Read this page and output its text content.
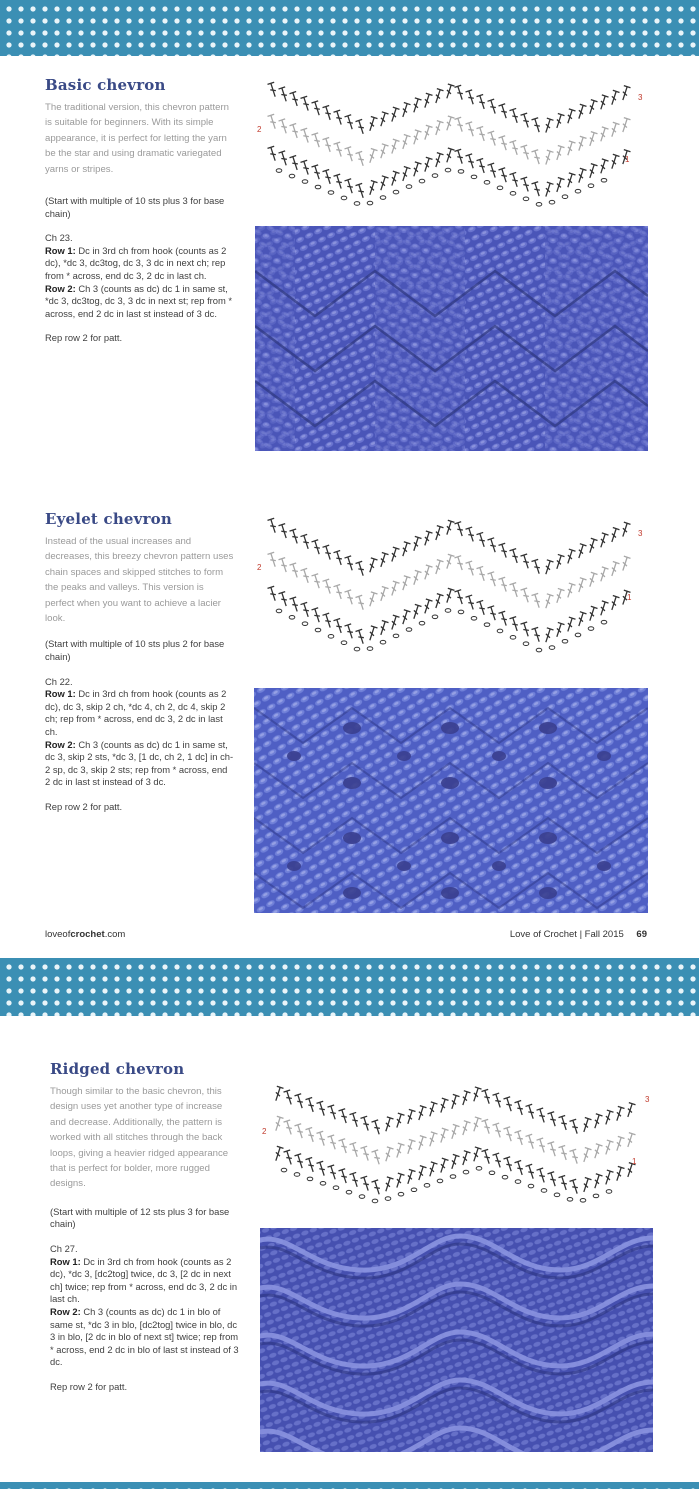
Basic chevron

The traditional version, this chevron pattern is suitable for beginners. With its simple appearance, it is perfect for letting the yarn be the star and using dramatic variegated yarns or stripes.

(Start with multiple of 10 sts plus 3 for base chain)

Ch 23.

Row 1: Dc in 3rd ch from hook (counts as 2 dc), *dc 3, dc3tog, dc 3, 3 dc in next ch; rep from * across, end dc 3, 2 dc in last ch.

Row 2: Ch 3 (counts as dc) dc 1 in same st, *dc 3, dc3tog, dc 3, 3 dc in next st; rep from * across, end 2 dc in last st instead of 3 dc.

Rep row 2 for patt.

3
2
1
Eyelet chevron

Instead of the usual increases and decreases, this breezy chevron pattern uses chain spaces and skipped stitches to form the peaks and valleys. This version is perfect when you want to achieve a lacier look.

(Start with multiple of 10 sts plus 2 for base chain)

Ch 22.

Row 1: Dc in 3rd ch from hook (counts as 2 dc), dc 3, skip 2 ch, *dc 4, ch 2, dc 4, skip 2 ch; rep from * across, end dc 3, 2 dc in last ch.

Row 2: Ch 3 (counts as dc) dc 1 in same st, dc 3, skip 2 sts, *dc 3, [1 dc, ch 2, 1 dc] in ch-2 sp, dc 3, skip 2 sts; rep from * across, end 2 dc in last st instead of 3 dc.

Rep row 2 for patt.

3
2
1
loveofcrochet.com	Love of Crochet | Fall 2015 69
Ridged chevron

Though similar to the basic chevron, this design uses yet another type of increase and decrease. Additionally, the pattern is worked with all stitches through the back loops, giving a heavier ridged appearance that is perfect for bolder, more rugged designs.

(Start with multiple of 12 sts plus 3 for base chain)

Ch 27.

Row 1: Dc in 3rd ch from hook (counts as 2 dc), *dc 3, [dc2tog] twice, dc 3, [2 dc in next ch] twice; rep from * across, end dc 3, 2 dc in last ch.

Row 2: Ch 3 (counts as dc) dc 1 in blo of same st, *dc 3 in blo, [dc2tog] twice in blo, dc 3 in blo, [2 dc in blo of next st] twice; rep from * across, end 2 dc in blo of last st instead of 3 dc.

Rep row 2 for patt.

3
2
1
